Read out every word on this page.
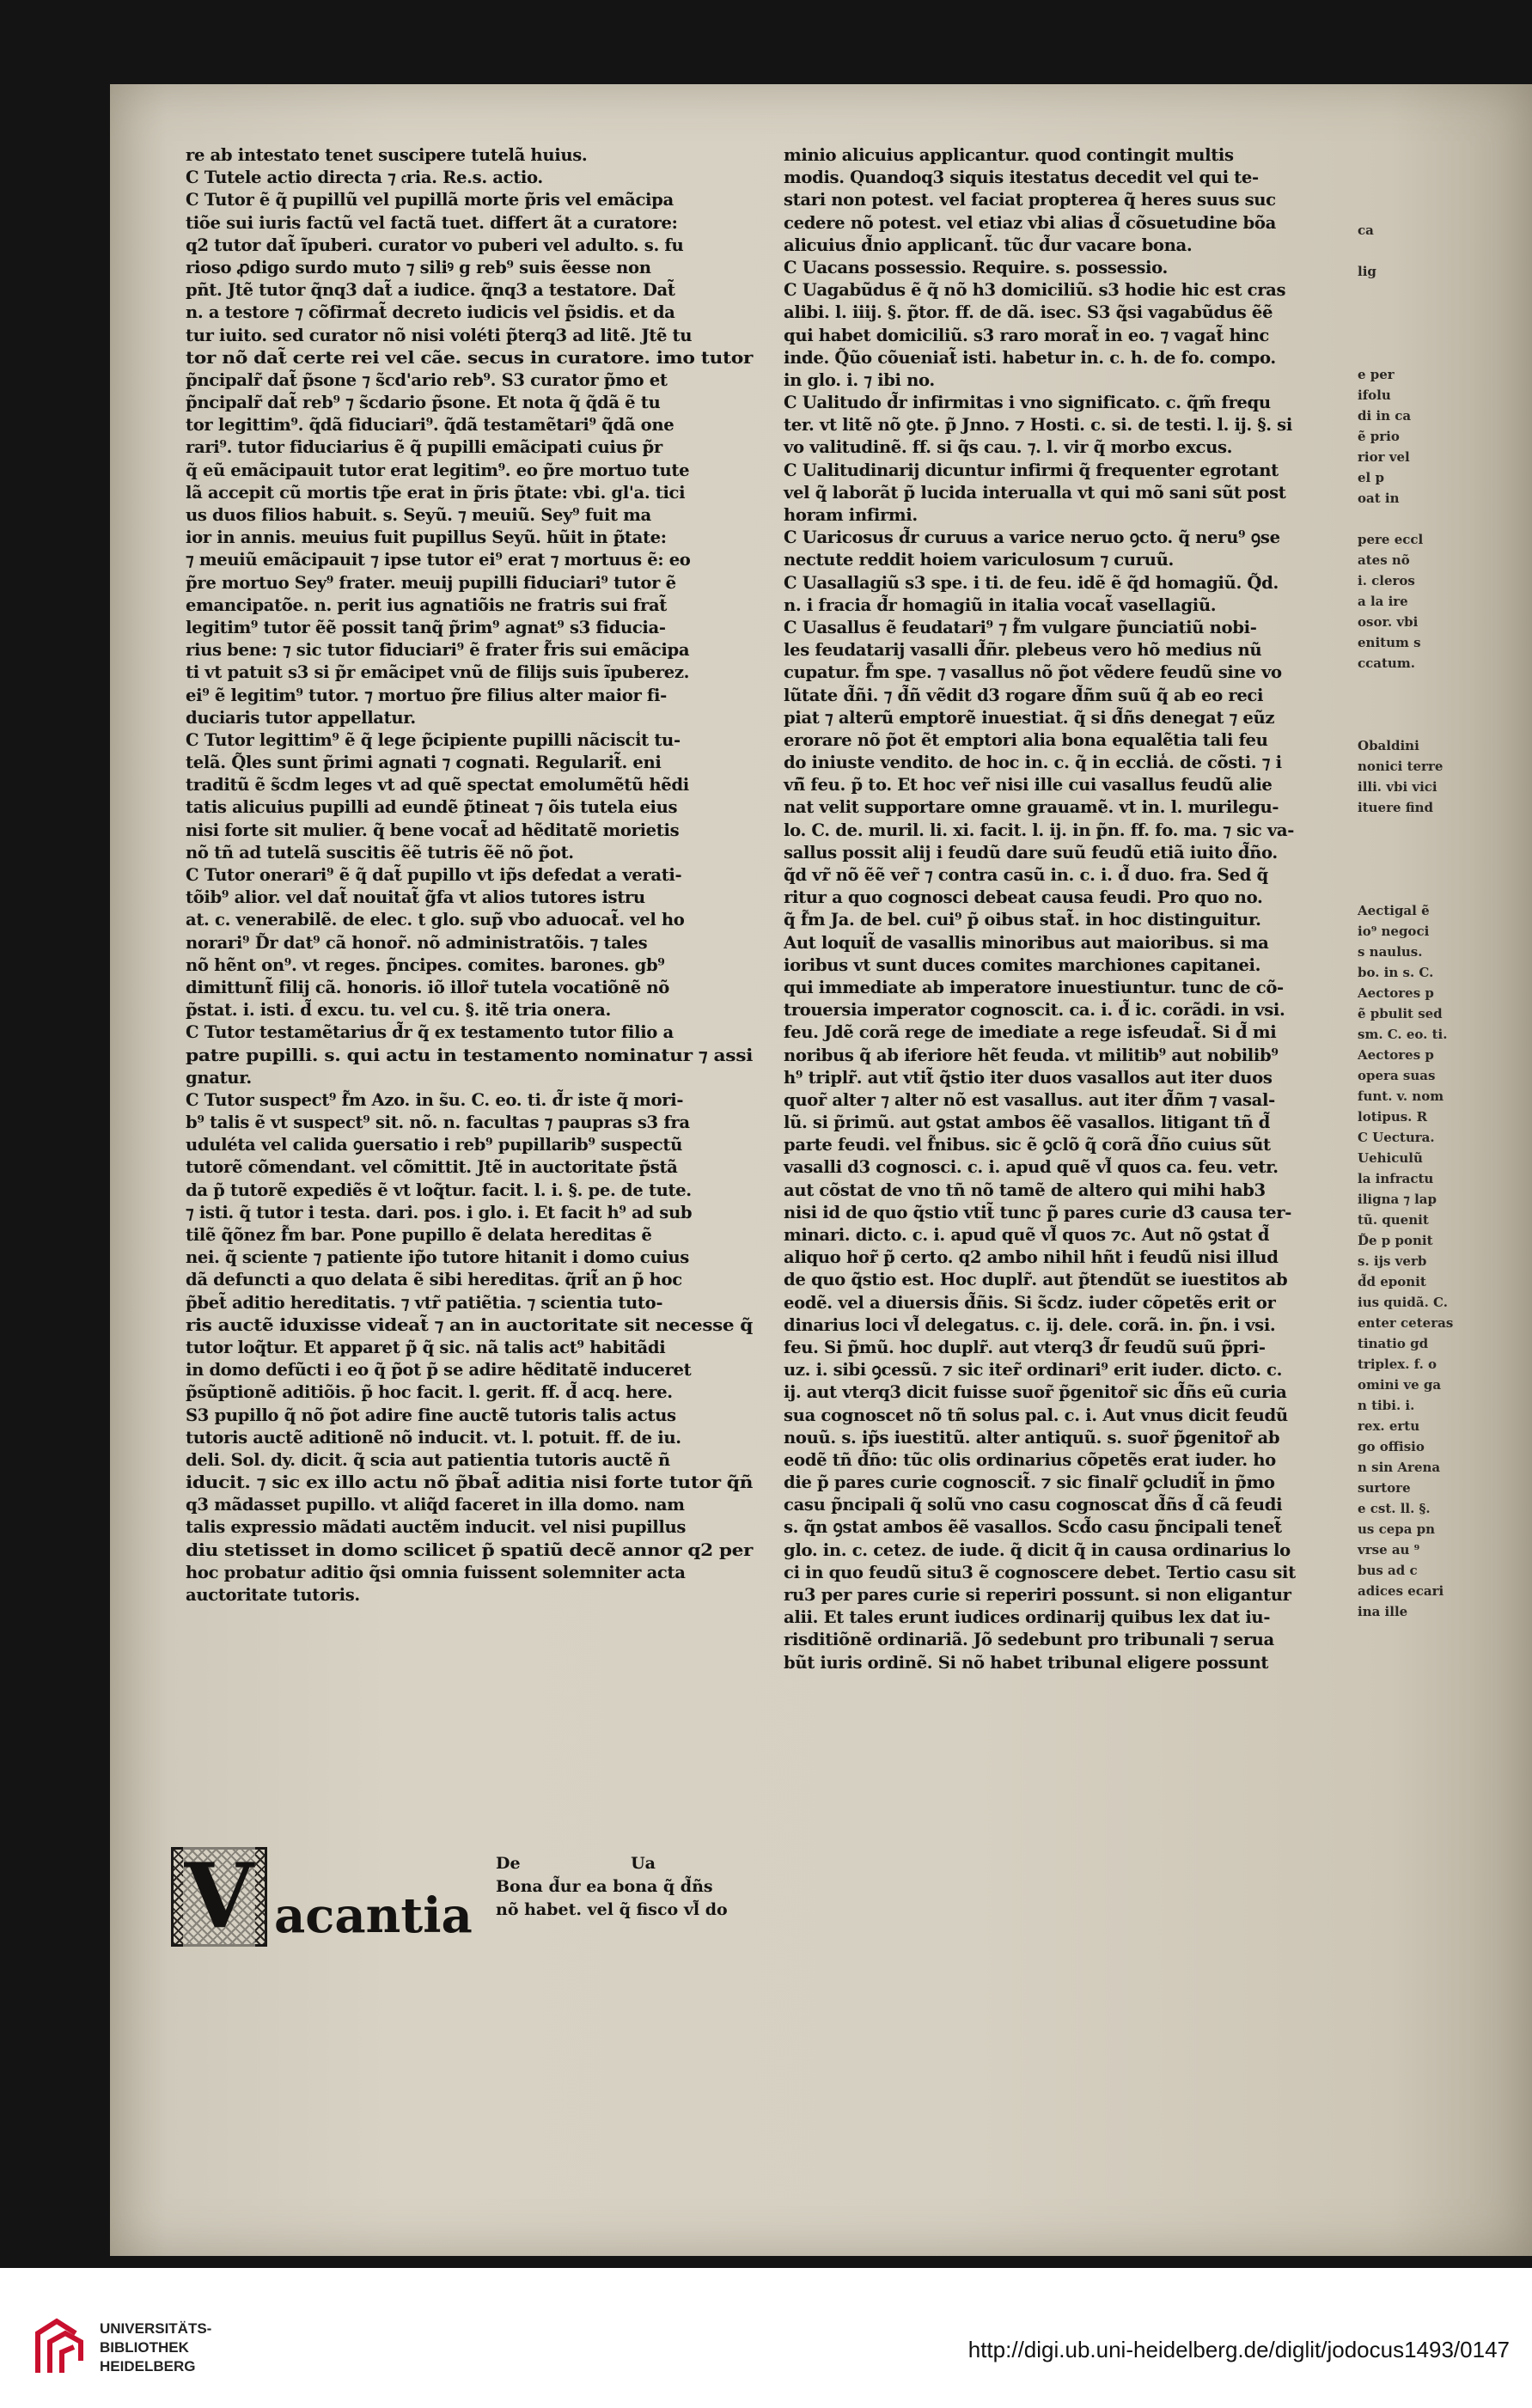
re ab intestato tenet suscipere tutelã huius.
C Tutele actio directa ⁊ 𝔠ria. Re.s. actio.
C Tutor ẽ q̃ pupillũ vel pupillã morte p̃ris vel emãcipa
tiõe sui iuris factũ vel factã tuet. differt ãt a curatore:
q2 tutor dat̃ ĩpuberi. curator vo puberi vel adulto. s. fu
rioso ꝓdigo surdo muto ⁊ siliꝰ g reb⁹ suis ẽesse non
pñt. Jtẽ tutor q̃nq3 dat̃ a iudice. q̃nq3 a testatore. Dat̃
n. a testore ⁊ cõfirmat̃ decreto iudicis vel p̃sidis. et da
tur iuito. sed curator nõ nisi voléti p̃terq3 ad litẽ. Jtẽ tu
tor nõ dat̃ certe rei vel cãe. secus in curatore. imo tutor
p̃ncipalr̃ dat̃ p̃sone ⁊ s̃cd'ario reb⁹. S3 curator p̃mo et
p̃ncipalr̃ dat̃ reb⁹ ⁊ s̃cdario p̃sone. Et nota q̃ q̃dã ẽ tu
tor legittim⁹. q̃dã fiduciari⁹. q̃dã testamẽtari⁹ q̃dã one
rari⁹. tutor fiduciarius ẽ q̃ pupilli emãcipati cuius p̃r
q̃ eũ emãcipauit tutor erat legitim⁹. eo p̃re mortuo tute
lã accepit cũ mortis tp̃e erat in p̃ris p̃tate: vbi. gl'a. tici
us duos filios habuit. s. Seyũ. ⁊ meuiũ. Sey⁹ fuit ma
ior in annis. meuius fuit pupillus Seyũ. hũit in p̃tate:
⁊ meuiũ emãcipauit ⁊ ipse tutor ei⁹ erat ⁊ mortuus ẽ: eo
p̃re mortuo Sey⁹ frater. meuij pupilli fiduciari⁹ tutor ẽ
emancipatõe. n. perit ius agnatiõis ne fratris sui frat̃
legitim⁹ tutor ẽẽ possit tanq̃ p̃rim⁹ agnat⁹ s3 fiducia-
rius bene: ⁊ sic tutor fiduciari⁹ ẽ frater f̃ris sui emãcipa
ti vt patuit s3 si p̃r emãcipet vnũ de filijs suis ĩpuberez.
ei⁹ ẽ legitim⁹ tutor. ⁊ mortuo p̃re filius alter maior fi-
duciaris tutor appellatur.
C Tutor legittim⁹ ẽ q̃ lege p̃cipiente pupilli nãcisci̾t tu-
telã. Q̃les sunt p̃rimi agnati ⁊ cognati. Regularit̃. eni
traditũ ẽ s̃cdm leges vt ad quẽ spectat emolumẽtũ hẽdi
tatis alicuius pupilli ad eundẽ p̃tineat ⁊ õis tutela eius
nisi forte sit mulier. q̃ bene vocat̃ ad hẽditatẽ morietis
nõ tñ ad tutelã suscitis ẽẽ tutris ẽẽ nõ p̃ot.
C Tutor onerari⁹ ẽ q̃ dat̃ pupillo vt ip̃s defedat a verati-
tõib⁹ alior. vel dat̃ nouitat̃ g̃fa vt alios tutores istru
at. c. venerabilẽ. de elec. t glo. sup̃ vbo aduocat̃. vel ho
norari⁹ D̃r dat⁹ cã honor̃. nõ administratõis. ⁊ tales
nõ hẽnt on⁹. vt reges. p̃ncipes. comites. barones. gb⁹
dimittunt̃ filij cã. honoris. iõ illor̃ tutela vocatiõnẽ nõ
p̃stat. i. isti. d̃ excu. tu. vel cu. §. itẽ tria onera.
C Tutor testamẽtarius d̃r q̃ ex testamento tutor filio a
patre pupilli. s. qui actu in testamento nominatur ⁊ assi
gnatur.
C Tutor suspect⁹ f̃m Azo. in s̃u. C. eo. ti. d̃r iste q̃ mori-
b⁹ talis ẽ vt suspect⁹ sit. nõ. n. facultas ⁊ paupras s3 fra
uduléta vel calida ꝯuersatio i reb⁹ pupillarib⁹ suspectũ
tutorẽ cõmendant. vel cõmittit. Jtẽ in auctoritate p̃stã
da p̃ tutorẽ expediẽs ẽ vt loq̃tur. facit. l. i. §. pe. de tute.
⁊ isti. q̃ tutor i testa. dari. pos. i glo. i. Et facit h⁹ ad sub
tilẽ q̃õnez f̃m bar. Pone pupillo ẽ delata hereditas ẽ
nei. q̃ sciente ⁊ patiente ip̃o tutore hitanit i domo cuius
dã defuncti a quo delata ẽ sibi hereditas. q̃rit̃ an p̃ hoc
p̃bet̃ aditio hereditatis. ⁊ vtr̃ patiẽtia. ⁊ scientia tuto-
ris auctẽ iduxisse videat̃ ⁊ an in auctoritate sit necesse q̃
tutor loq̃tur. Et apparet p̃ q̃ sic. nã talis act⁹ habitãdi
in domo defũcti i eo q̃ p̃ot p̃ se adire hẽditatẽ induceret
p̃sũptionẽ aditiõis. p̃ hoc facit. l. gerit. ff. d̃ acq. here.
S3 pupillo q̃ nõ p̃ot adire fine auctẽ tutoris talis actus
tutoris auctẽ aditionẽ nõ inducit. vt. l. potuit. ff. de iu.
deli. Sol. dy. dicit. q̃ scia aut patientia tutoris auctẽ ñ
iducit. ⁊ sic ex illo actu nõ p̃bat̃ aditia nisi forte tutor q̃ñ
q3 mãdasset pupillo. vt aliq̃d faceret in illa domo. nam
talis expressio mãdati auctẽm inducit. vel nisi pupillus
diu stetisset in domo scilicet p̃ spatiũ decẽ annor q2 per
hoc probatur aditio q̃si omnia fuissent solemniter acta
auctoritate tutoris.
minio alicuius applicantur. quod contingit multis
modis. Quandoq3 siquis itestatus decedit vel qui te-
stari non potest. vel faciat propterea q̃ heres suus suc
cedere nõ potest. vel etiaz vbi alias d̃ cõsuetudine bõa
alicuius d̃nio applicant̃. tũc d̃ur vacare bona.
C Uacans possessio. Require. s. possessio.
C Uagabũdus ẽ q̃ nõ h3 domiciliũ. s3 hodie hic est cras
alibi. l. iiij. §. p̃tor. ff. de dã. isec. S3 q̃si vagabũdus ẽẽ
qui habet domiciliũ. s3 raro morat̃ in eo. ⁊ vagat̃ hinc
inde. Q̃ũo cõueniat̃ isti. habetur in. c. h. de fo. compo.
in glo. i. ⁊ ibi no.
C Ualitudo d̃r infirmitas i vno significato. c. q̃m̃ frequ
ter. vt litẽ nõ ꝯte. p̃ Jnno. ⁊ Hosti. c. si. de testi. l. ij. §. si
vo valitudinẽ. ff. si q̃s cau. ⁊. l. vir q̃ morbo excus.
C Ualitudinarij dicuntur infirmi q̃ frequenter egrotant
vel q̃ laborãt p̃ lucida interualla vt qui mõ sani sũt post
horam infirmi.
C Uaricosus d̃r curuus a varice neruo ꝯcto. q̃ neru⁹ ꝯse
nectute reddit hoiem variculosum ⁊ curuũ.
C Uasallagiũ s3 spe. i ti. de feu. idẽ ẽ q̃d homagiũ. Q̃d.
n. i fracia d̃r homagiũ in italia vocat̃ vasellagiũ.
C Uasallus ẽ feudatari⁹ ⁊ f̃m vulgare p̃unciatiũ nobi-
les feudatarij vasalli d̃ñr. plebeus vero hõ medius nũ
cupatur. f̃m spe. ⁊ vasallus nõ p̃ot vẽdere feudũ sine vo
lũtate d̃ñi. ⁊ d̃ñ vẽdit d3 rogare d̃ñm suũ q̃ ab eo reci
piat ⁊ alterũ emptorẽ inuestiat. q̃ si d̃ñs denegat ⁊ eũz
erorare nõ p̃ot ẽt emptori alia bona equalẽtia tali feu
do iniuste vendito. de hoc in. c. q̃ in ecclia̾. de cõsti. ⁊ i
vñ̃ feu. p̃ to. Et hoc ver̃ nisi ille cui vasallus feudũ alie
nat velit supportare omne grauamẽ. vt in. l. murilegu-
lo. C. de. muril. li. xi. facit. l. ij. in p̃n. ff. fo. ma. ⁊ sic va-
sallus possit alij i feudũ dare suũ feudũ etiã iuito d̃ño.
q̃d vr̃ nõ ẽẽ ver̃ ⁊ contra casũ in. c. i. d̃ duo. fra. Sed q̃
ritur a quo cognosci debeat causa feudi. Pro quo no.
q̃ f̃m Ja. de bel. cui⁹ p̃ oibus stat̃. in hoc distinguitur.
Aut loquit̃ de vasallis minoribus aut maioribus. si ma
ioribus vt sunt duces comites marchiones capitanei.
qui immediate ab imperatore inuestiuntur. tunc de cõ-
trouersia imperator cognoscit. ca. i. d̃ ic. corãdi. in vsi.
feu. Jdẽ corã rege de imediate a rege isfeudat̃. Si d̃ mi
noribus q̃ ab iferiore hẽt feuda. vt militib⁹ aut nobilib⁹
h⁹ triplr̃. aut vtit̃ q̃stio iter duos vasallos aut iter duos
quor̃ alter ⁊ alter nõ est vasallus. aut iter d̃ñm ⁊ vasal-
lũ. si p̃rimũ. aut ꝯstat ambos ẽẽ vasallos. litigant tñ d̃
parte feudi. vel f̃nibus. sic ẽ ꝯclõ q̃ corã d̃ño cuius sũt
vasalli d3 cognosci. c. i. apud quẽ vl̃ quos ca. feu. vetr.
aut cõstat de vno tñ nõ tamẽ de altero qui mihi hab3
nisi id de quo q̃stio vtit̃ tunc p̃ pares curie d3 causa ter-
minari. dicto. c. i. apud quẽ vl̃ quos ⁊c. Aut nõ ꝯstat d̃
aliquo hor̃ p̃ certo. q2 ambo nihil hñt i feudũ nisi illud
de quo q̃stio est. Hoc duplr̃. aut p̃tendũt se iuestitos ab
eodẽ. vel a diuersis d̃ñis. Si s̃cdz. iuder cõpetẽs erit or
dinarius loci vl̃ delegatus. c. ij. dele. corã. in. p̃n. i vsi.
feu. Si p̃mũ. hoc duplr̃. aut vterq3 d̃r feudũ suũ p̃pri-
uz. i. sibi ꝯcessũ. ⁊ sic iter̃ ordinari⁹ erit iuder. dicto. c.
ij. aut vterq3 dicit fuisse suor̃ p̃genitor̃ sic d̃ñs eũ curia
sua cognoscet nõ tñ solus pal. c. i. Aut vnus dicit feudũ
nouũ. s. ip̃s iuestitũ. alter antiquũ. s. suor̃ p̃genitor̃ ab
eodẽ tñ d̃ño: tũc olis ordinarius cõpetẽs erat iuder. ho
die p̃ pares curie cognoscit̃. ⁊ sic finalr̃ ꝯcludit̃ in p̃mo
casu p̃ncipali q̃ solũ vno casu cognoscat d̃ñs d̃ cã feudi
s. q̃n ꝯstat ambos ẽẽ vasallos. Scd̃o casu p̃ncipali tenet̃
glo. in. c. cetez. de iude. q̃ dicit q̃ in causa ordinarius lo
ci in quo feudũ situ3 ẽ cognoscere debet. Tertio casu sit
ru3 per pares curie si reperiri possunt. si non eligantur
alii. Et tales erunt iudices ordinarij quibus lex dat iu-
risditiõnẽ ordinariã. Jõ sedebunt pro tribunali ⁊ serua
bũt iuris ordinẽ. Si nõ habet tribunal eligere possunt
ca
lig
e per
ifolu
di in ca
ẽ prio
rior vel
el p
oat in
pere eccl
ates nõ
i. cleros
a la ire
osor. vbi
enitum s
ccatum.
Obaldini
nonici terre
illi. vbi vici
ituere find
Aectigal ẽ
io⁹ negoci
s naulus.
bo. in s. C.
Aectores p
ẽ pbulit sed
sm. C. eo. ti.
Aectores p
opera suas
funt. v. nom
lotipus. R
C Uectura.
Uehiculũ
la infractu
iligna ⁊ lap
tũ. quenit
D̃e p ponit
s. ijs verb
d̃d eponit
ius quidã. C.
enter ceteras
tinatio gd
triplex. f. o
omini ve ga
n tibi. i.
rex. ertu
go offisio
n sin Arena
surtore
e cst. ll. §.
us cepa pn
vrse au ⁹
bus ad c
adices ecari
ina ille
V acantia
De	Ua
Bona d̃ur ea bona q̃ d̃ñs
nõ habet. vel q̃ fisco vl̃ do
UNIVERSITÄTS-
BIBLIOTHEK
HEIDELBERG
http://digi.ub.uni-heidelberg.de/diglit/jodocus1493/0147
